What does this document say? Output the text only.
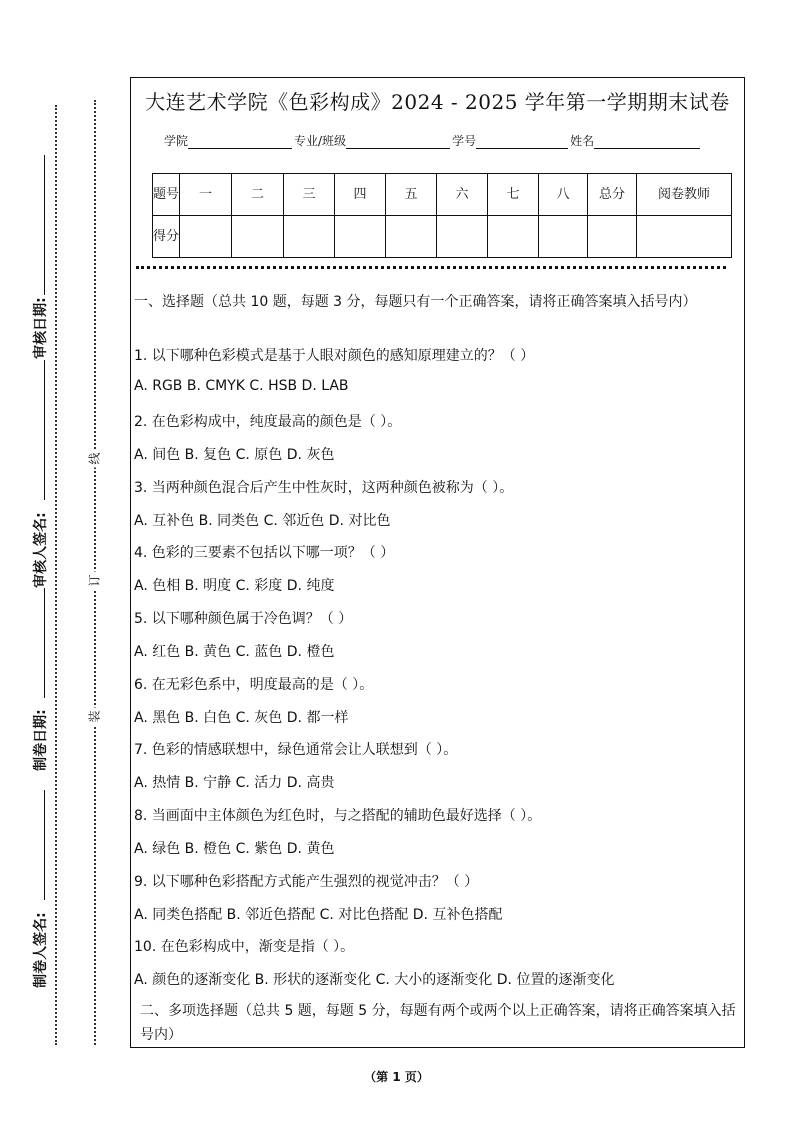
审核日期:
审核人签名:
制卷日期:
制卷人签名:
线
订
装
大连艺术学院《色彩构成》2024 - 2025 学年第一学期期末试卷
学院	专业/班级	学号	姓名
题号	一	二	三	四	五	六	七	八	总分	阅卷教师
得分										
一、选择题（总共 10 题，每题 3 分，每题只有一个正确答案，请将正确答案填入括号内）
1. 以下哪种色彩模式是基于人眼对颜色的感知原理建立的？（ ）
A. RGB B. CMYK C. HSB D. LAB
2. 在色彩构成中，纯度最高的颜色是（ ）。
A. 间色 B. 复色 C. 原色 D. 灰色
3. 当两种颜色混合后产生中性灰时，这两种颜色被称为（ ）。
A. 互补色 B. 同类色 C. 邻近色 D. 对比色
4. 色彩的三要素不包括以下哪一项？（ ）
A. 色相 B. 明度 C. 彩度 D. 纯度
5. 以下哪种颜色属于冷色调？（ ）
A. 红色 B. 黄色 C. 蓝色 D. 橙色
6. 在无彩色系中，明度最高的是（ ）。
A. 黑色 B. 白色 C. 灰色 D. 都一样
7. 色彩的情感联想中，绿色通常会让人联想到（ ）。
A. 热情 B. 宁静 C. 活力 D. 高贵
8. 当画面中主体颜色为红色时，与之搭配的辅助色最好选择（ ）。
A. 绿色 B. 橙色 C. 紫色 D. 黄色
9. 以下哪种色彩搭配方式能产生强烈的视觉冲击？（ ）
A. 同类色搭配 B. 邻近色搭配 C. 对比色搭配 D. 互补色搭配
10. 在色彩构成中，渐变是指（ ）。
A. 颜色的逐渐变化 B. 形状的逐渐变化 C. 大小的逐渐变化 D. 位置的逐渐变化
二、多项选择题（总共 5 题，每题 5 分，每题有两个或两个以上正确答案，请将正确答案填入括号内）
（第 1 页）
